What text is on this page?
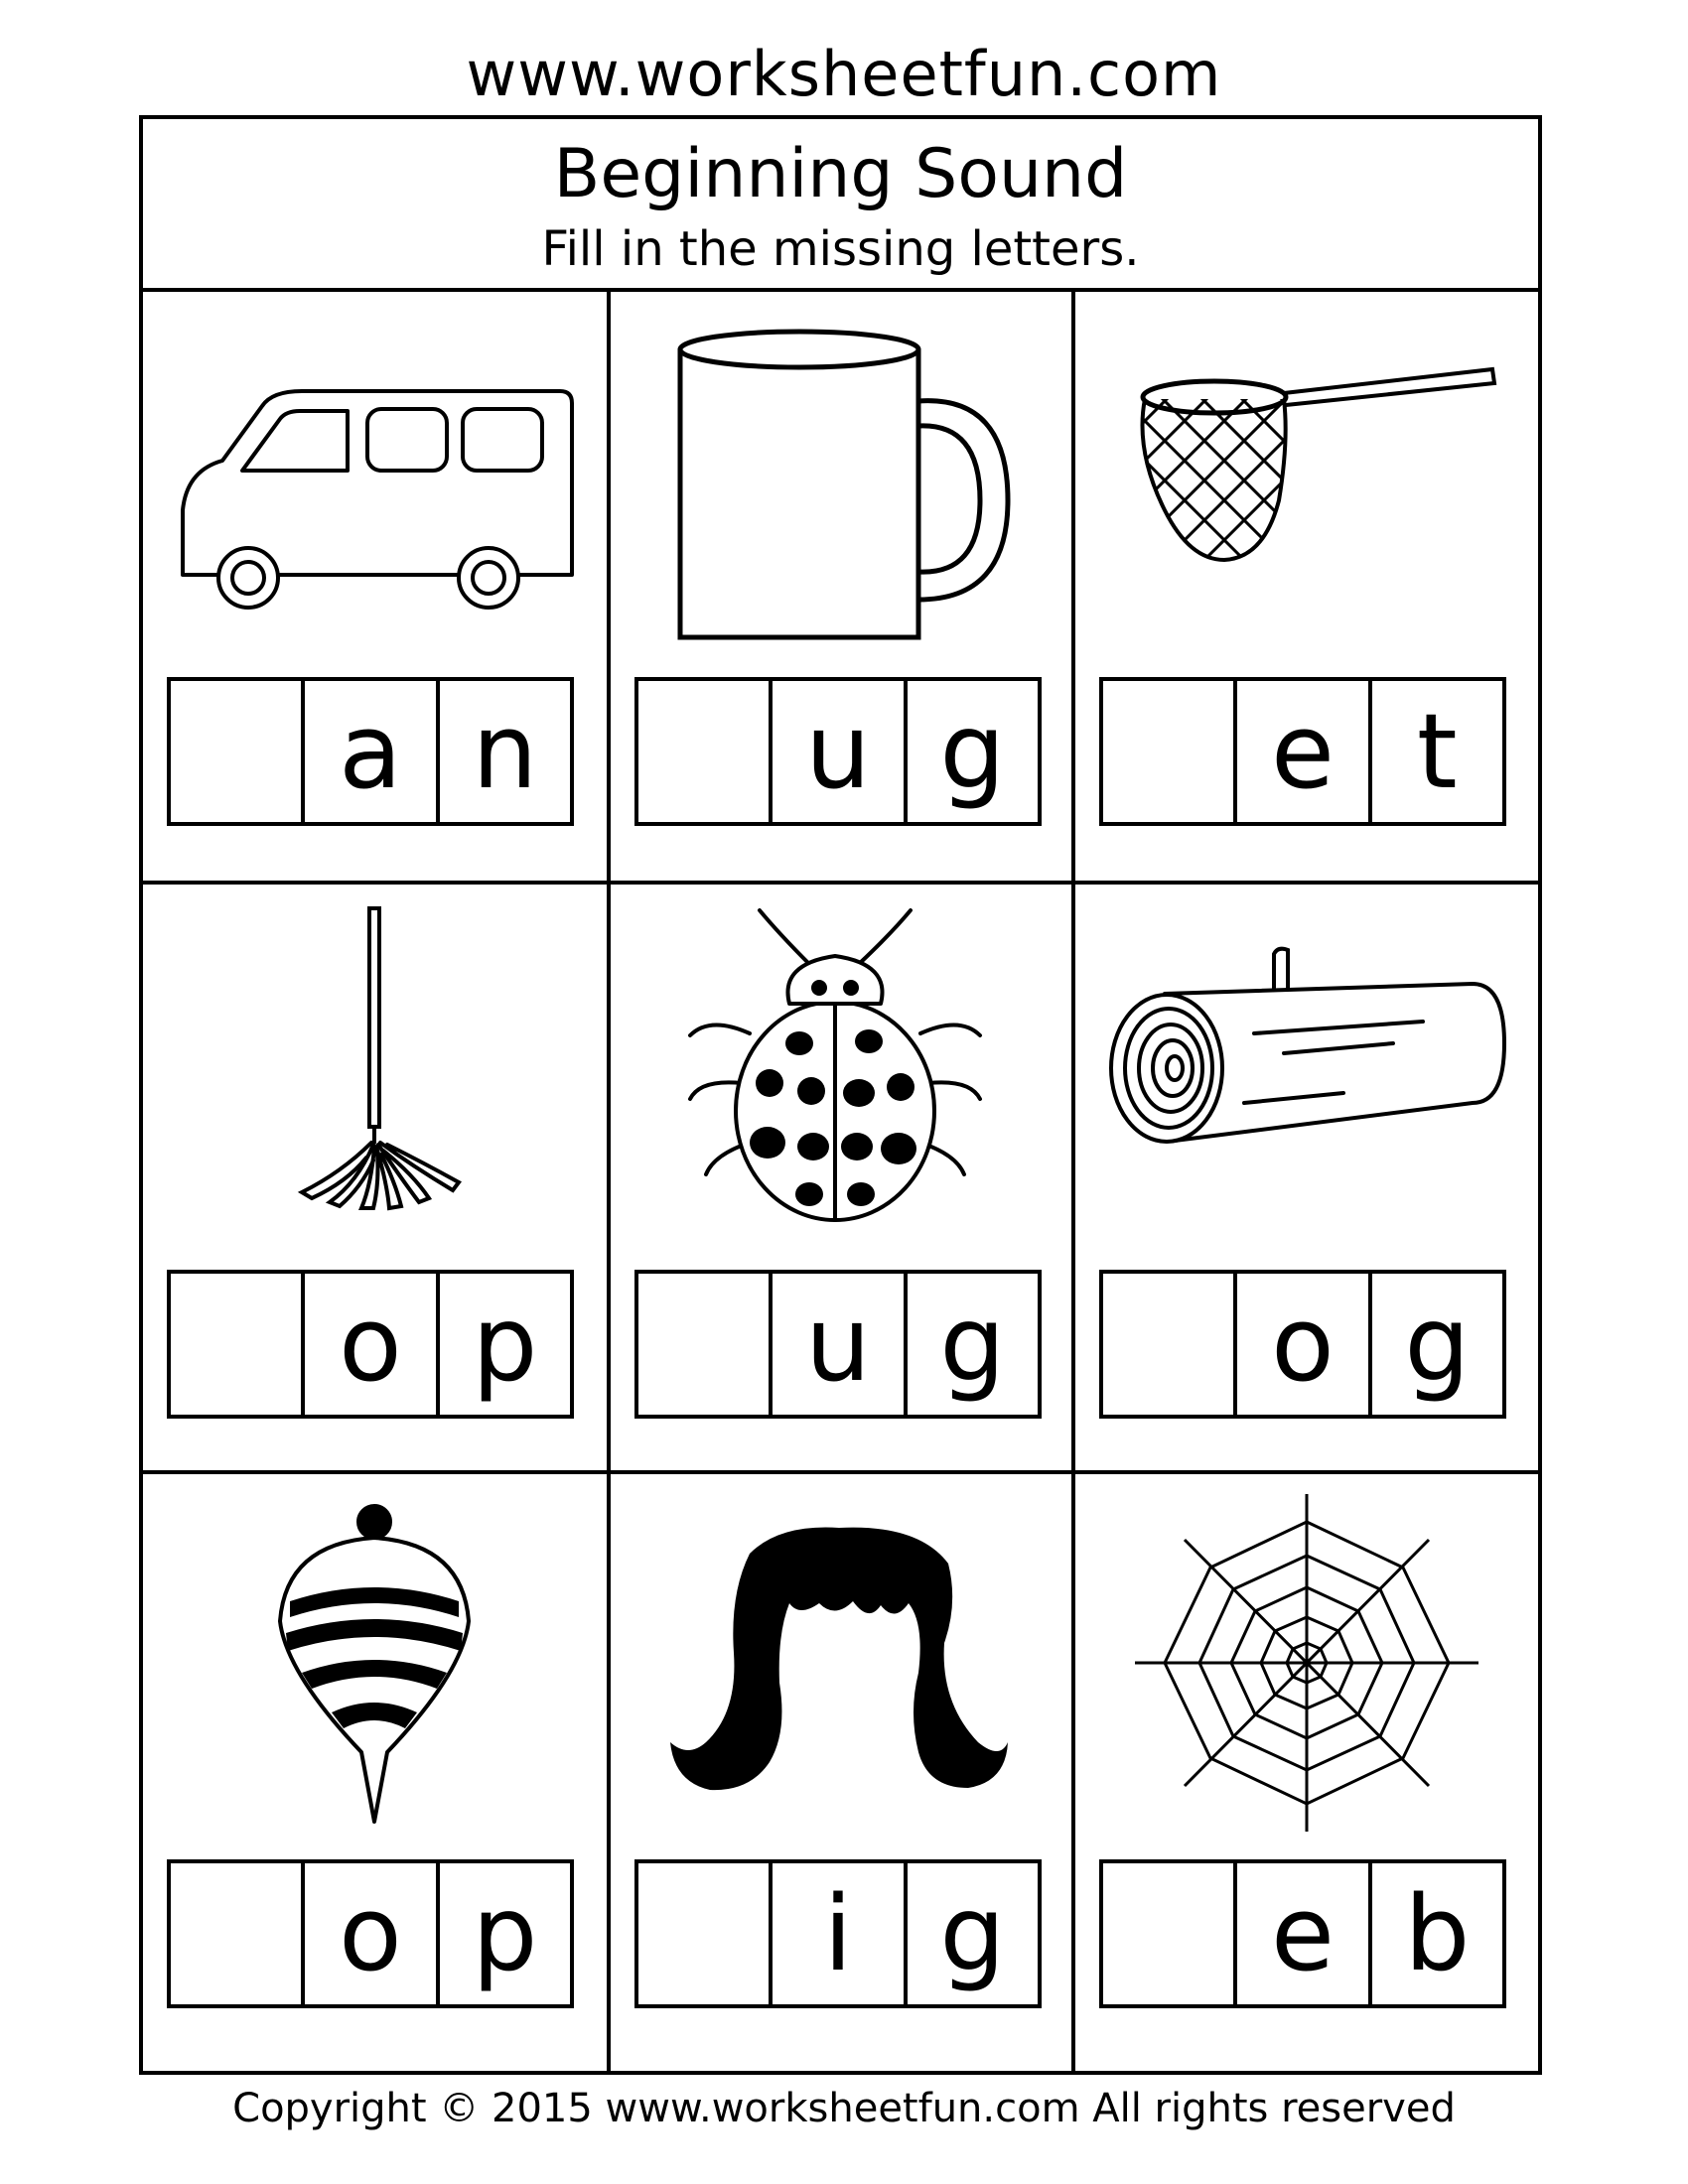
www.worksheetfun.com
Beginning Sound
Fill in the missing letters.
a n	u g	e t
o p	u g	o g
o p	i g	e b
Copyright © 2015 www.worksheetfun.com All rights reserved
